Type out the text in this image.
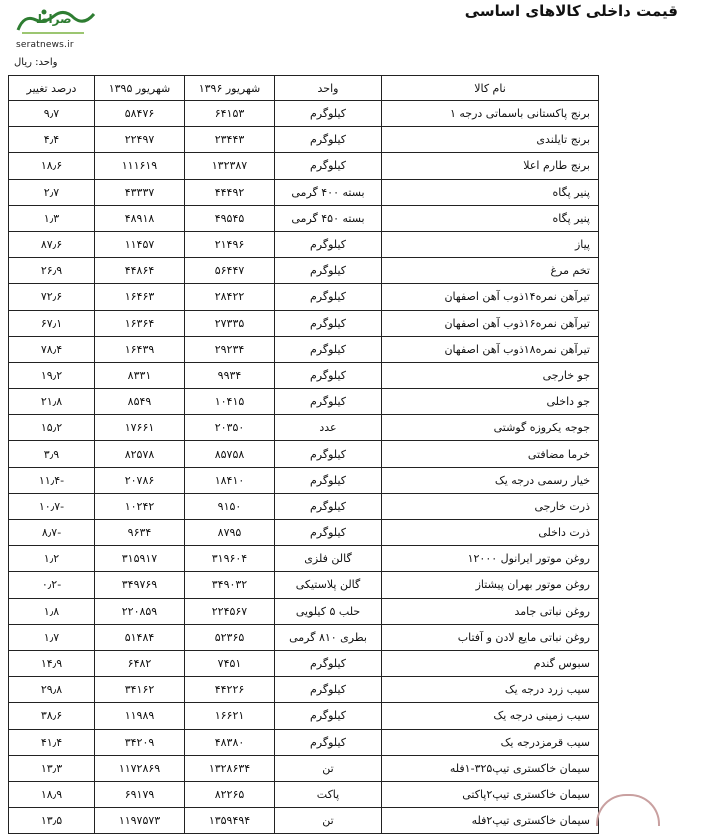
صراط
seratnews.ir
قیمت داخلی کالاهای اساسی
واحد: ریال
نام کالا	واحد	شهریور ۱۳۹۶	شهریور ۱۳۹۵	درصد تغییر
برنج پاکستانی باسماتی درجه ۱	کیلوگرم	۶۴۱۵۳	۵۸۴۷۶	۹٫۷
برنج تایلندی	کیلوگرم	۲۳۴۴۳	۲۲۴۹۷	۴٫۴
برنج طارم اعلا	کیلوگرم	۱۳۲۳۸۷	۱۱۱۶۱۹	۱۸٫۶
پنیر پگاه	بسته ۴۰۰ گرمی	۴۴۴۹۲	۴۳۳۳۷	۲٫۷
پنیر پگاه	بسته ۴۵۰ گرمی	۴۹۵۴۵	۴۸۹۱۸	۱٫۳
پیاز	کیلوگرم	۲۱۴۹۶	۱۱۴۵۷	۸۷٫۶
تخم مرغ	کیلوگرم	۵۶۴۴۷	۴۴۸۶۴	۲۶٫۹
تیرآهن نمره۱۴ذوب آهن اصفهان	کیلوگرم	۲۸۴۲۲	۱۶۴۶۳	۷۲٫۶
تیرآهن نمره۱۶ذوب آهن اصفهان	کیلوگرم	۲۷۳۳۵	۱۶۳۶۴	۶۷٫۱
تیرآهن نمره۱۸ذوب آهن اصفهان	کیلوگرم	۲۹۲۳۴	۱۶۴۳۹	۷۸٫۴
جو خارجی	کیلوگرم	۹۹۳۴	۸۳۳۱	۱۹٫۲
جو داخلی	کیلوگرم	۱۰۴۱۵	۸۵۴۹	۲۱٫۸
جوجه یکروزه گوشتی	عدد	۲۰۳۵۰	۱۷۶۶۱	۱۵٫۲
خرما مضافتی	کیلوگرم	۸۵۷۵۸	۸۲۵۷۸	۳٫۹
خیار رسمی درجه یک	کیلوگرم	۱۸۴۱۰	۲۰۷۸۶	-۱۱٫۴
ذرت خارجی	کیلوگرم	۹۱۵۰	۱۰۲۴۲	-۱۰٫۷
ذرت داخلی	کیلوگرم	۸۷۹۵	۹۶۳۴	-۸٫۷
روغن موتور ایرانول ۱۲۰۰۰	گالن فلزی	۳۱۹۶۰۴	۳۱۵۹۱۷	۱٫۲
روغن موتور بهران پیشتاز	گالن پلاستیکی	۳۴۹۰۳۲	۳۴۹۷۶۹	-۰٫۲
روغن نباتی جامد	حلب ۵ کیلویی	۲۲۴۵۶۷	۲۲۰۸۵۹	۱٫۸
روغن نباتی مایع لادن و آفتاب	بطری ۸۱۰ گرمی	۵۲۳۶۵	۵۱۴۸۴	۱٫۷
سبوس گندم	کیلوگرم	۷۴۵۱	۶۴۸۲	۱۴٫۹
سیب زرد درجه یک	کیلوگرم	۴۴۲۲۶	۳۴۱۶۲	۲۹٫۸
سیب زمینی درجه یک	کیلوگرم	۱۶۶۲۱	۱۱۹۸۹	۳۸٫۶
سیب قرمزدرجه یک	کیلوگرم	۴۸۳۸۰	۳۴۲۰۹	۴۱٫۴
سیمان خاکستری تیپ۳۲۵-۱فله	تن	۱۳۲۸۶۳۴	۱۱۷۲۸۶۹	۱۳٫۳
سیمان خاکستری تیپ۲پاکتی	پاکت	۸۲۲۶۵	۶۹۱۷۹	۱۸٫۹
سیمان خاکستری تیپ۲فله	تن	۱۳۵۹۴۹۴	۱۱۹۷۵۷۳	۱۳٫۵
